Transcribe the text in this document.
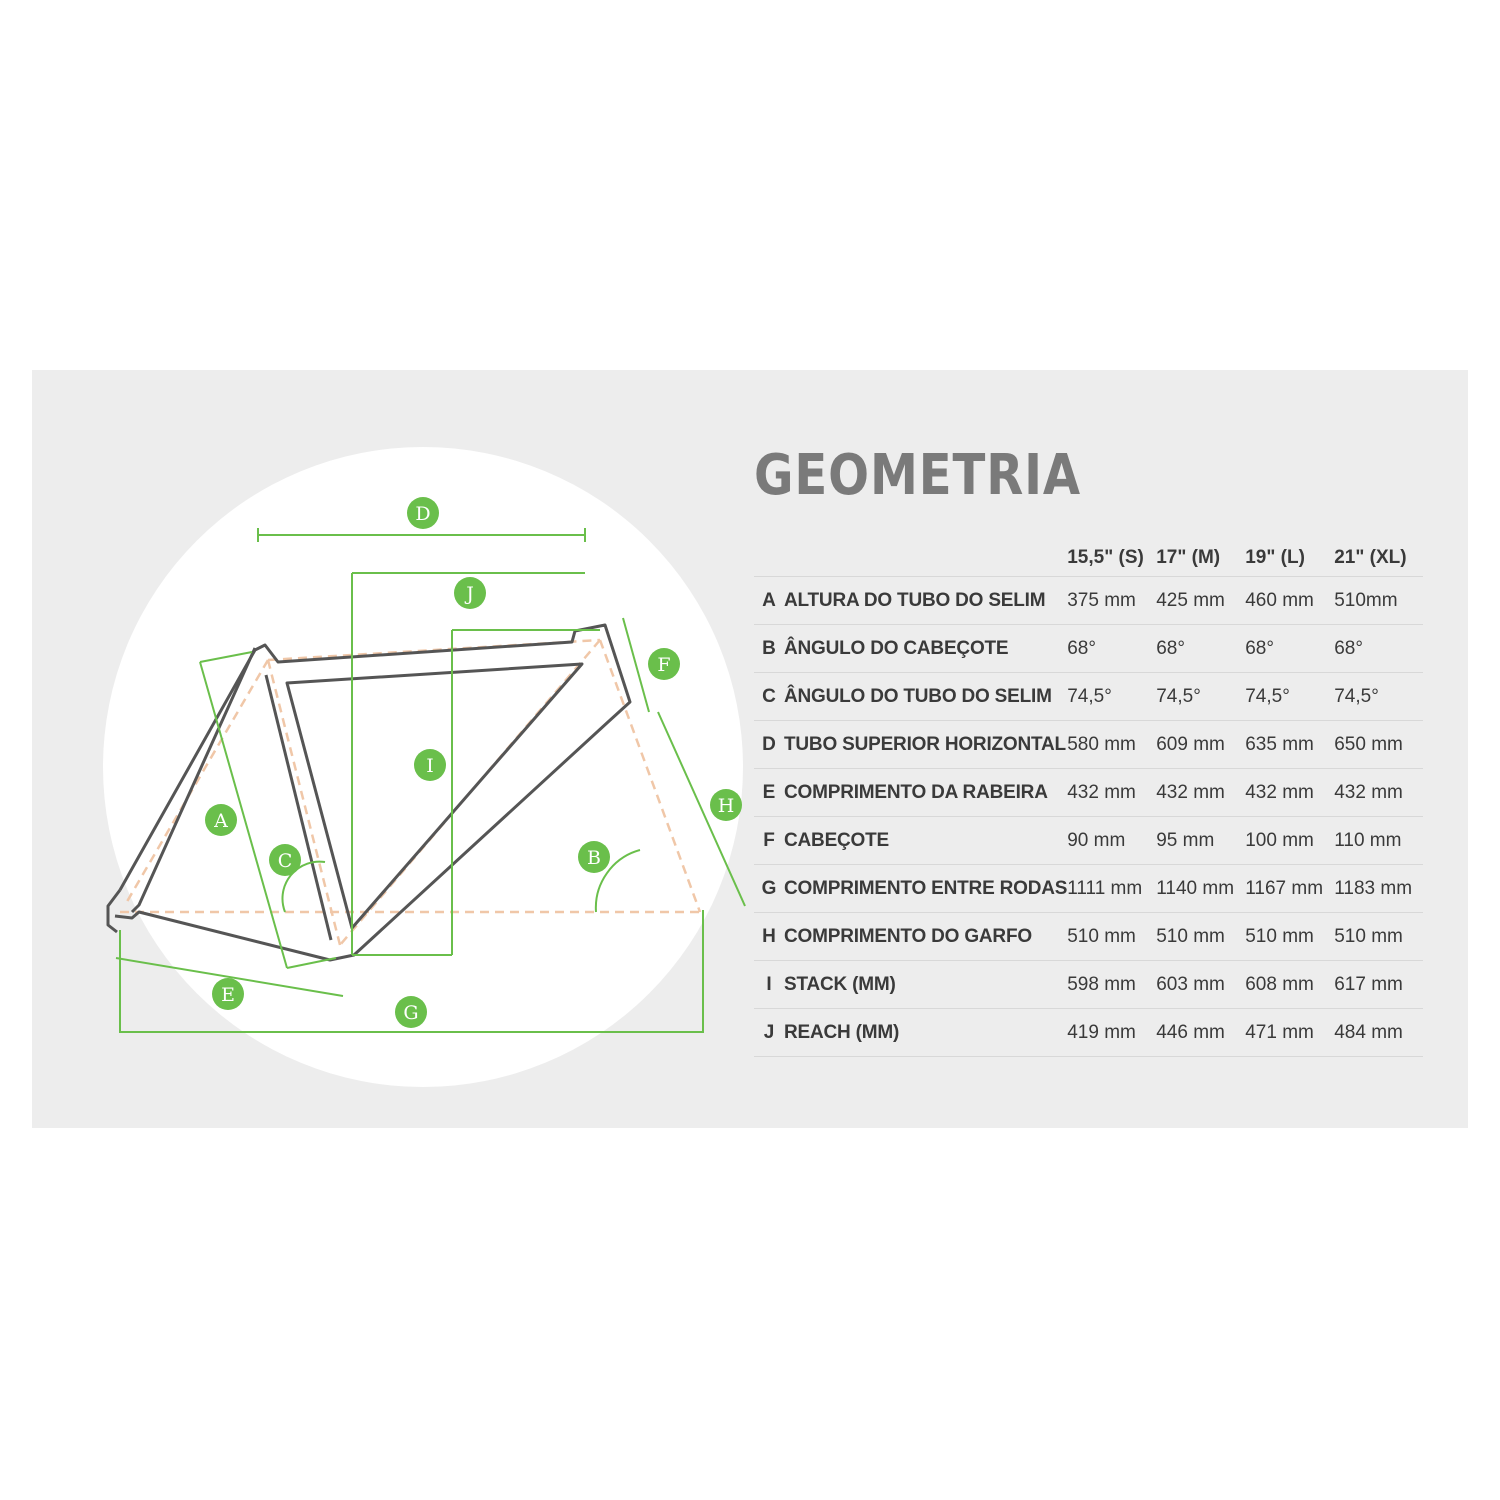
D
J
F
I
H
A
C	B
E
G
GEOMETRIA
		15,5" (S)	17" (M)	19" (L)	21" (XL)
A	ALTURA DO TUBO DO SELIM	375 mm	425 mm	460 mm	510mm
B	ÂNGULO DO CABEÇOTE	68°	68°	68°	68°
C	ÂNGULO DO TUBO DO SELIM	74,5°	74,5°	74,5°	74,5°
D	TUBO SUPERIOR HORIZONTAL	580 mm	609 mm	635 mm	650 mm
E	COMPRIMENTO DA RABEIRA	432 mm	432 mm	432 mm	432 mm
F	CABEÇOTE	90 mm	95 mm	100 mm	110 mm
G	COMPRIMENTO ENTRE RODAS	1111 mm	1140 mm	1167 mm	1183 mm
H	COMPRIMENTO DO GARFO	510 mm	510 mm	510 mm	510 mm
I	STACK (MM)	598 mm	603 mm	608 mm	617 mm
J	REACH (MM)	419 mm	446 mm	471 mm	484 mm
